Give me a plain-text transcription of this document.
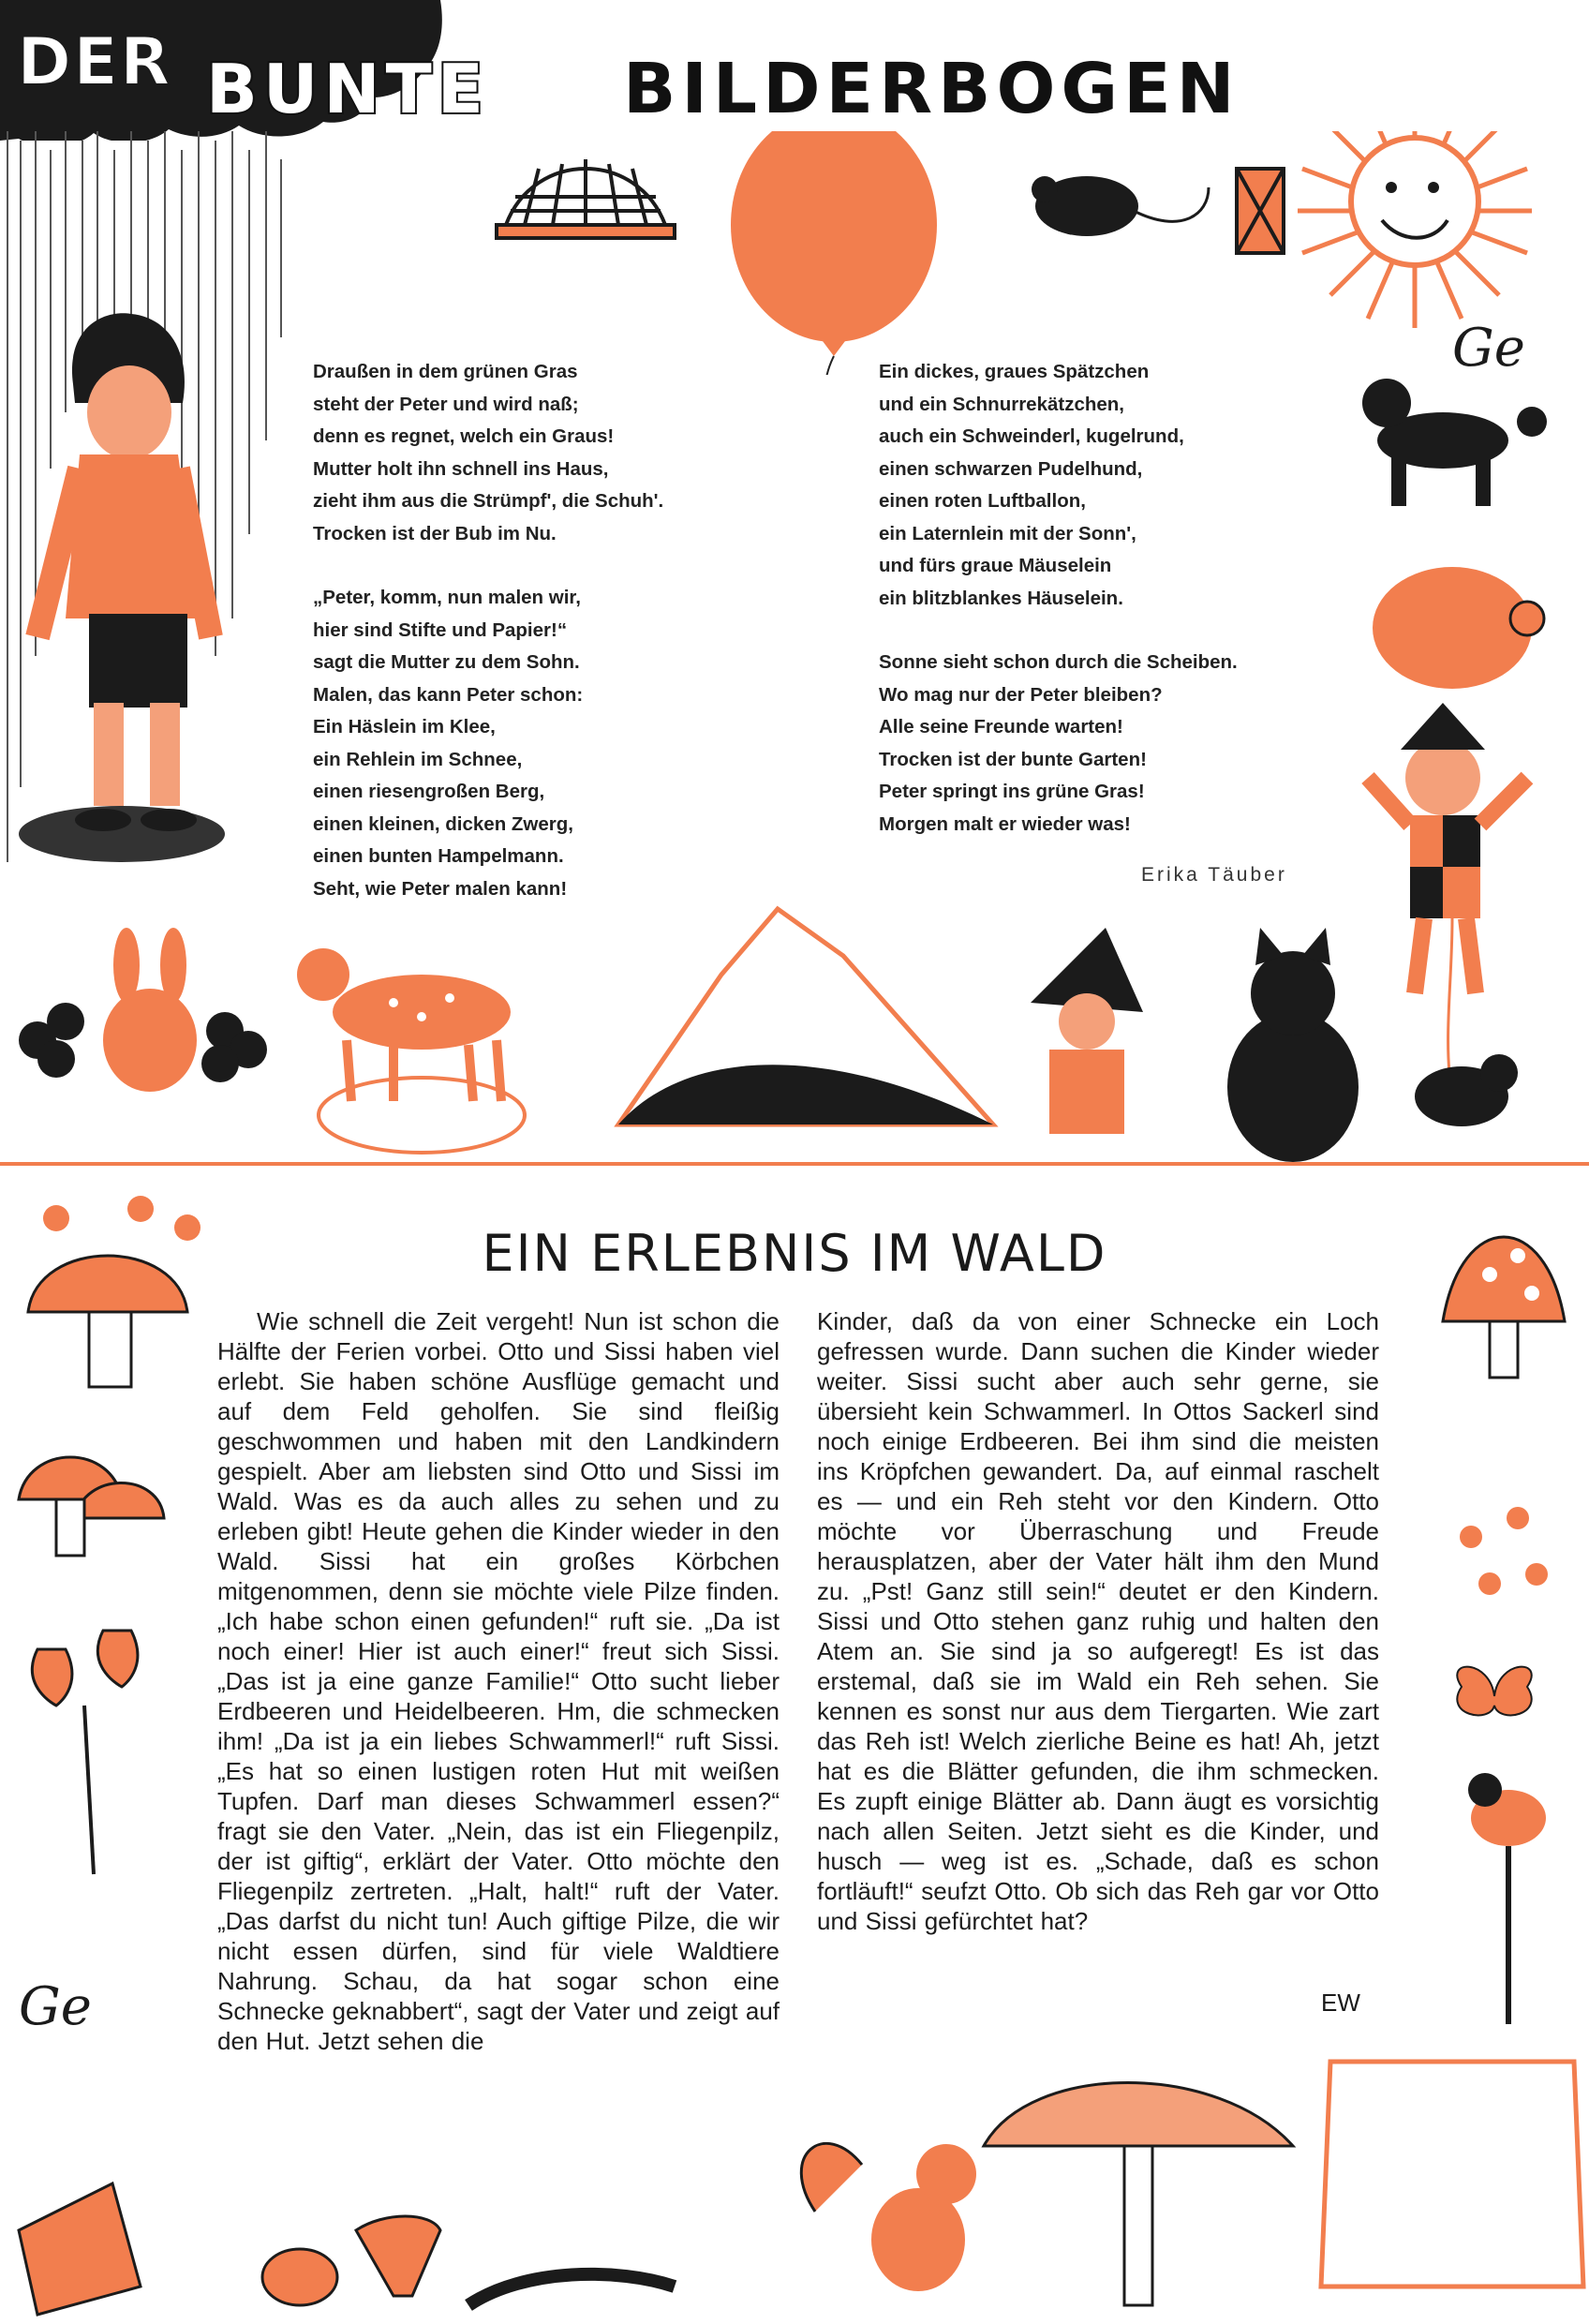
DER BUNTE BILDERBOGEN
Ge
Draußen in dem grünen Gras
steht der Peter und wird naß;
denn es regnet, welch ein Graus!
Mutter holt ihn schnell ins Haus,
zieht ihm aus die Strümpf', die Schuh'.
Trocken ist der Bub im Nu.
„Peter, komm, nun malen wir,
hier sind Stifte und Papier!“
sagt die Mutter zu dem Sohn.
Malen, das kann Peter schon:
Ein Häslein im Klee,
ein Rehlein im Schnee,
einen riesengroßen Berg,
einen kleinen, dicken Zwerg,
einen bunten Hampelmann.
Seht, wie Peter malen kann!
Ein dickes, graues Spätzchen
und ein Schnurrekätzchen,
auch ein Schweinderl, kugelrund,
einen schwarzen Pudelhund,
einen roten Luftballon,
ein Laternlein mit der Sonn',
und fürs graue Mäuselein
ein blitzblankes Häuselein.
Sonne sieht schon durch die Scheiben.
Wo mag nur der Peter bleiben?
Alle seine Freunde warten!
Trocken ist der bunte Garten!
Peter springt ins grüne Gras!
Morgen malt er wieder was!
Erika Täuber
EIN ERLEBNIS IM WALD

Wie schnell die Zeit vergeht! Nun ist schon die Hälfte der Ferien vorbei. Otto und Sissi haben viel erlebt. Sie haben schöne Ausflüge gemacht und auf dem Feld geholfen. Sie sind fleißig geschwommen und haben mit den Landkindern gespielt. Aber am liebsten sind Otto und Sissi im Wald. Was es da auch alles zu sehen und zu erleben gibt! Heute gehen die Kinder wieder in den Wald. Sissi hat ein großes Körbchen mitgenommen, denn sie möchte viele Pilze finden. „Ich habe schon einen gefunden!“ ruft sie. „Da ist noch einer! Hier ist auch einer!“ freut sich Sissi. „Das ist ja eine ganze Familie!“ Otto sucht lieber Erdbeeren und Heidelbeeren. Hm, die schmecken ihm! „Da ist ja ein liebes Schwammerl!“ ruft Sissi. „Es hat so einen lustigen roten Hut mit weißen Tupfen. Darf man dieses Schwammerl essen?“ fragt sie den Vater. „Nein, das ist ein Fliegenpilz, der ist giftig“, erklärt der Vater. Otto möchte den Fliegenpilz zertreten. „Halt, halt!“ ruft der Vater. „Das darfst du nicht tun! Auch giftige Pilze, die wir nicht essen dürfen, sind für viele Waldtiere Nahrung. Schau, da hat sogar schon eine Schnecke geknabbert“, sagt der Vater und zeigt auf den Hut. Jetzt sehen die

Kinder, daß da von einer Schnecke ein Loch gefressen wurde. Dann suchen die Kinder wieder weiter. Sissi sucht aber auch sehr gerne, sie übersieht kein Schwammerl. In Ottos Sackerl sind noch einige Erdbeeren. Bei ihm sind die meisten ins Kröpfchen gewandert. Da, auf einmal raschelt es — und ein Reh steht vor den Kindern. Otto möchte vor Überraschung und Freude herausplatzen, aber der Vater hält ihm den Mund zu. „Pst! Ganz still sein!“ deutet er den Kindern. Sissi und Otto stehen ganz ruhig und halten den Atem an. Sie sind ja so aufgeregt! Es ist das erstemal, daß sie im Wald ein Reh sehen. Sie kennen es sonst nur aus dem Tiergarten. Wie zart das Reh ist! Welch zierliche Beine es hat! Ah, jetzt hat es die Blätter gefunden, die ihm schmecken. Es zupft einige Blätter ab. Dann äugt es vorsichtig nach allen Seiten. Jetzt sieht es die Kinder, und husch — weg ist es. „Schade, daß es schon fortläuft!“ seufzt Otto. Ob sich das Reh gar vor Otto und Sissi gefürchtet hat?

EW
Ge
